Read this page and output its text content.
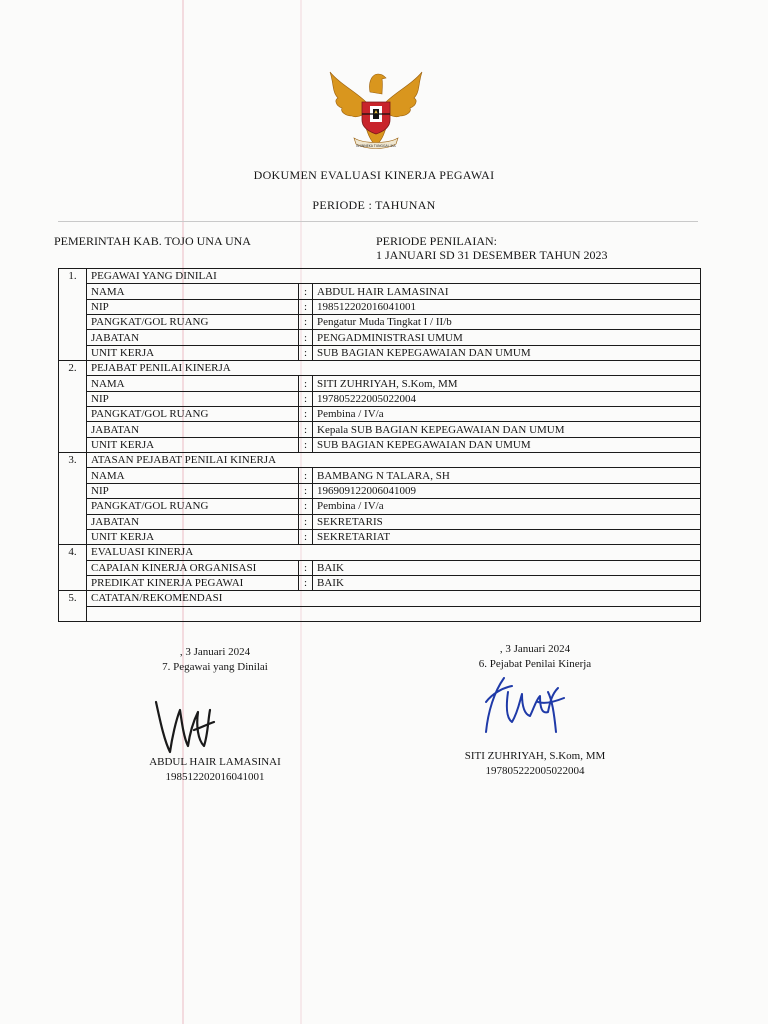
BHINNEKA TUNGGAL IKA
DOKUMEN EVALUASI KINERJA PEGAWAI
PERIODE : TAHUNAN
PEMERINTAH KAB. TOJO UNA UNA	PERIODE PENILAIAN:
1 JANUARI SD 31 DESEMBER TAHUN 2023
1.	PEGAWAI YANG DINILAI		
	NAMA	:	ABDUL HAIR LAMASINAI
	NIP	:	198512202016041001
	PANGKAT/GOL RUANG	:	Pengatur Muda Tingkat I / II/b
	JABATAN	:	PENGADMINISTRASI UMUM
	UNIT KERJA	:	SUB BAGIAN KEPEGAWAIAN DAN UMUM
2.	PEJABAT PENILAI KINERJA		
	NAMA	:	SITI ZUHRIYAH, S.Kom, MM
	NIP	:	197805222005022004
	PANGKAT/GOL RUANG	:	Pembina / IV/a
	JABATAN	:	Kepala SUB BAGIAN KEPEGAWAIAN DAN UMUM
	UNIT KERJA	:	SUB BAGIAN KEPEGAWAIAN DAN UMUM
3.	ATASAN PEJABAT PENILAI KINERJA		
	NAMA	:	BAMBANG N TALARA, SH
	NIP	:	196909122006041009
	PANGKAT/GOL RUANG	:	Pembina / IV/a
	JABATAN	:	SEKRETARIS
	UNIT KERJA	:	SEKRETARIAT
4.	EVALUASI KINERJA		
	CAPAIAN KINERJA ORGANISASI	:	BAIK
	PREDIKAT KINERJA PEGAWAI	:	BAIK
5.	CATATAN/REKOMENDASI		

, 3 Januari 2024
7. Pegawai yang Dinilai
ABDUL HAIR LAMASINAI
198512202016041001
, 3 Januari 2024
6. Pejabat Penilai Kinerja
SITI ZUHRIYAH, S.Kom, MM
197805222005022004
